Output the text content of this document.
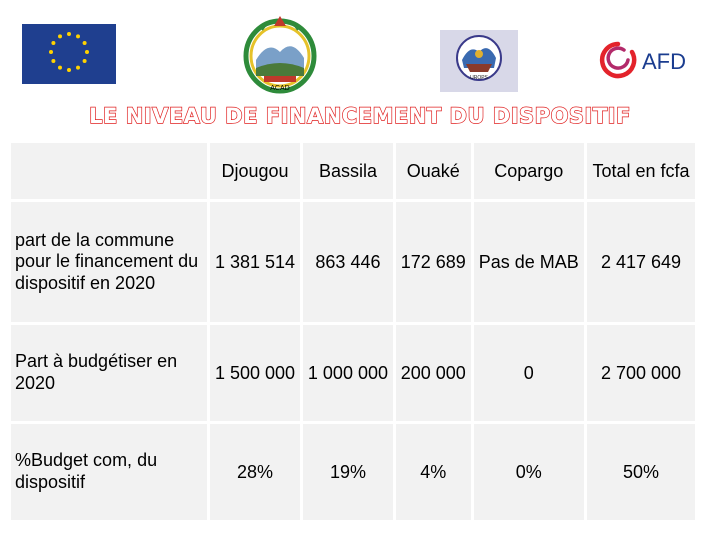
ACAD
UROPS
AFD
LE NIVEAU DE FINANCEMENT DU DISPOSITIF
	Djougou	Bassila	Ouaké	Copargo	Total en fcfa
part de la commune pour le financement du dispositif en 2020	1 381 514	863 446	172 689	Pas de MAB	2 417 649
Part à budgétiser en 2020	1 500 000	1 000 000	200 000	0	2 700 000
%Budget com, du dispositif	28%	19%	4%	0%	50%
